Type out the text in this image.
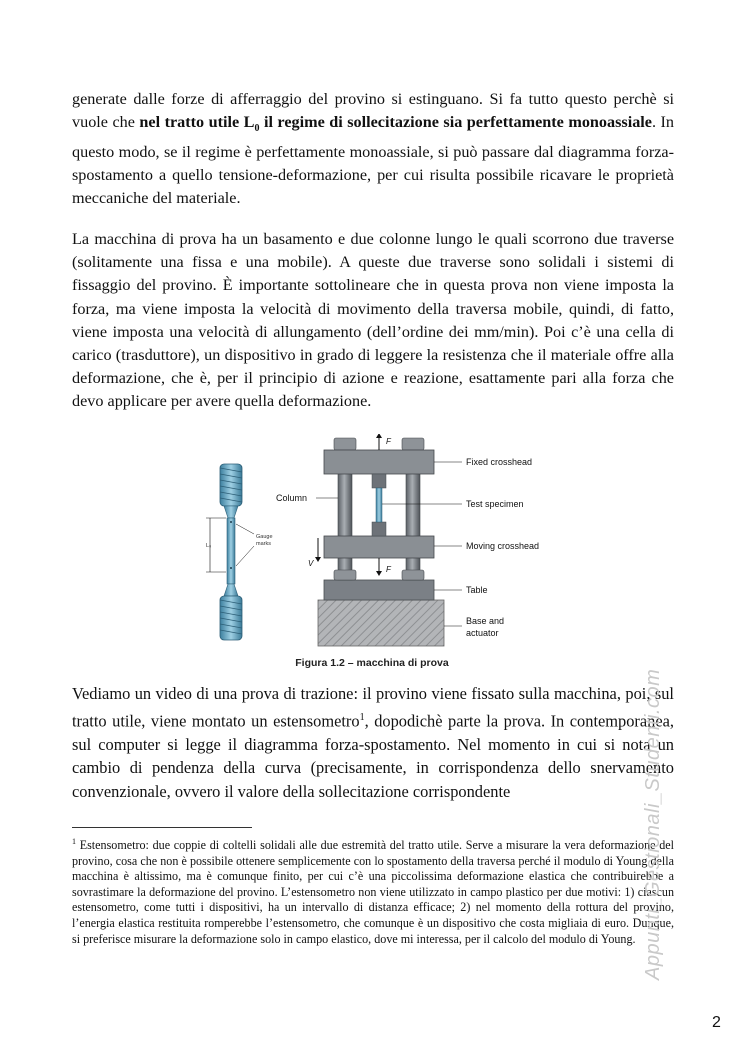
generate dalle forze di afferraggio del provino si estinguano. Si fa tutto questo perchè si vuole che nel tratto utile $L_0$ il regime di sollecitazione sia perfettamente monoassiale. In questo modo, se il regime è perfettamente monoassiale, si può passare dal diagramma forza-spostamento a quello tensione-deformazione, per cui risulta possibile ricavare le proprietà meccaniche del materiale.

La macchina di prova ha un basamento e due colonne lungo le quali scorrono due traverse (solitamente una fissa e una mobile). A queste due traverse sono solidali i sistemi di fissaggio del provino. È importante sottolineare che in questa prova non viene imposta la forza, ma viene imposta la velocità di movimento della traversa mobile, quindi, di fatto, viene imposta una velocità di allungamento (dell’ordine dei mm/min). Poi c’è una cella di carico (trasduttore), un dispositivo in grado di leggere la resistenza che il materiale offre alla deformazione, che è, per il principio di azione e reazione, esattamente pari alla forza che devo applicare per avere quella deformazione.

L₀
Gauge
marks
F
F
V
Fixed crosshead
Column
Test specimen
Moving crosshead
Table
Base and
actuator
Figura 1.2 – macchina di prova

Vediamo un video di una prova di trazione: il provino viene fissato sulla macchina, poi, sul tratto utile, viene montato un estensometro$^1$, dopodichè parte la prova. In contemporanea, sul computer si legge il diagramma forza-spostamento. Nel momento in cui si nota un cambio di pendenza della curva (precisamente, in corrispondenza dello snervamento convenzionale, ovvero il valore della sollecitazione corrispondente

$^1$ Estensometro: due coppie di coltelli solidali alle due estremità del tratto utile. Serve a misurare la vera deformazione del provino, cosa che non è possibile ottenere semplicemente con lo spostamento della traversa perché il modulo di Young della macchina è altissimo, ma è comunque finito, per cui c’è una piccolissima deformazione elastica che contribuirebbe a sovrastimare la deformazione del provino. L’estensometro non viene utilizzato in campo plastico per due motivi: 1) ciascun estensometro, come tutti i dispositivi, ha un intervallo di distanza efficace; 2) nel momento della rottura del provino, l’energia elastica restituita romperebbe l’estensometro, che comunque è un dispositivo che costa migliaia di euro. Dunque, si preferisce misurare la deformazione solo in campo elastico, dove mi interessa, per il calcolo del modulo di Young. Appunti_Gestionali_Studenti.com
2
